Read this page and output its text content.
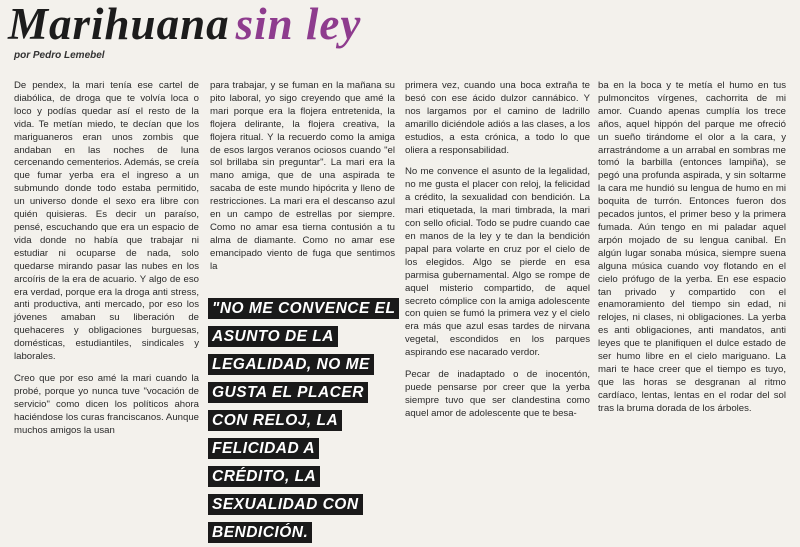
Marihuana sin ley
por Pedro Lemebel

De pendex, la mari tenía ese cartel de diabólica, de droga que te volvía loca o loco y podías quedar así el resto de la vida. Te metían miedo, te decían que los mariguaneros eran unos zombis que andaban en las noches de luna cercenando cementerios. Además, se creía que fumar yerba era el ingreso a un submundo donde todo estaba permitido, un universo donde el sexo era libre con quién quisieras. Es decir un paraíso, pensé, escuchando que era un espacio de vida donde no había que trabajar ni estudiar ni ocuparse de nada, solo quedarse mirando pasar las nubes en los arcoíris de la era de acuario. Y algo de eso era verdad, porque era la droga anti stress, anti productiva, anti mercado, por eso los jóvenes amaban su liberación de quehaceres y obligaciones burguesas, domésticas, estudiantiles, sindicales y laborales.

Creo que por eso amé la mari cuando la probé, porque yo nunca tuve "vocación de servicio" como dicen los políticos ahora haciéndose los curas franciscanos. Aunque muchos amigos la usan

para trabajar, y se fuman en la mañana su pito laboral, yo sigo creyendo que amé la mari porque era la flojera entretenida, la flojera delirante, la flojera creativa, la flojera ritual. Y la recuerdo como la amiga de esos largos veranos ociosos cuando "el sol brillaba sin preguntar". La mari era la mano amiga, que de una aspirada te sacaba de este mundo hipócrita y lleno de restricciones. La mari era el descanso azul en un campo de estrellas por siempre. Como no amar esa tierna contusión a tu alma de diamante. Como no amar ese emancipado viento de fuga que sentimos la

"NO ME CONVENCE EL ASUNTO DE LA LEGALIDAD, NO ME GUSTA EL PLACER CON RELOJ, LA FELICIDAD A CRÉDITO, LA SEXUALIDAD CON BENDICIÓN.

primera vez, cuando una boca extraña te besó con ese ácido dulzor cannábico. Y nos largamos por el camino de ladrillo amarillo diciéndole adiós a las clases, a los estudios, a esta crónica, a todo lo que oliera a responsabilidad.

No me convence el asunto de la legalidad, no me gusta el placer con reloj, la felicidad a crédito, la sexualidad con bendición. La mari etiquetada, la mari timbrada, la mari con sello oficial. Todo se pudre cuando cae en manos de la ley y te dan la bendición papal para volarte en cruz por el cielo de los elegidos. Algo se pierde en esa parmisa gubernamental. Algo se rompe de aquel misterio compartido, de aquel secreto cómplice con la amiga adolescente con quien se fumó la primera vez y el cielo era más que azul esas tardes de nirvana vegetal, escondidos en los parques aspirando ese nacarado verdor.

Pecar de inadaptado o de inocentón, puede pensarse por creer que la yerba siempre tuvo que ser clandestina como aquel amor de adolescente que te besa-

ba en la boca y te metía el humo en tus pulmoncitos vírgenes, cachorrita de mi amor. Cuando apenas cumplía los trece años, aquel hippón del parque me ofreció un sueño tirándome el olor a la cara, y arrastrándome a un arrabal en sombras me tomó la barbilla (entonces lampiña), se pegó una profunda aspirada, y sin soltarme la cara me hundió su lengua de humo en mi boquita de turrón. Entonces fueron dos pecados juntos, el primer beso y la primera fumada. Aún tengo en mi paladar aquel arpón mojado de su lengua canibal. En algún lugar sonaba música, siempre suena alguna música cuando voy flotando en el cielo prófugo de la yerba. En ese espacio tan privado y compartido con el enamoramiento del tiempo sin edad, ni relojes, ni clases, ni obligaciones. La yerba es anti obligaciones, anti mandatos, anti leyes que te planifiquen el dulce estado de ser humo libre en el cielo mariguano. La mari te hace creer que el tiempo es tuyo, que las horas se desgranan al ritmo cardíaco, lentas, lentas en el rodar del sol tras la bruma dorada de los árboles.
